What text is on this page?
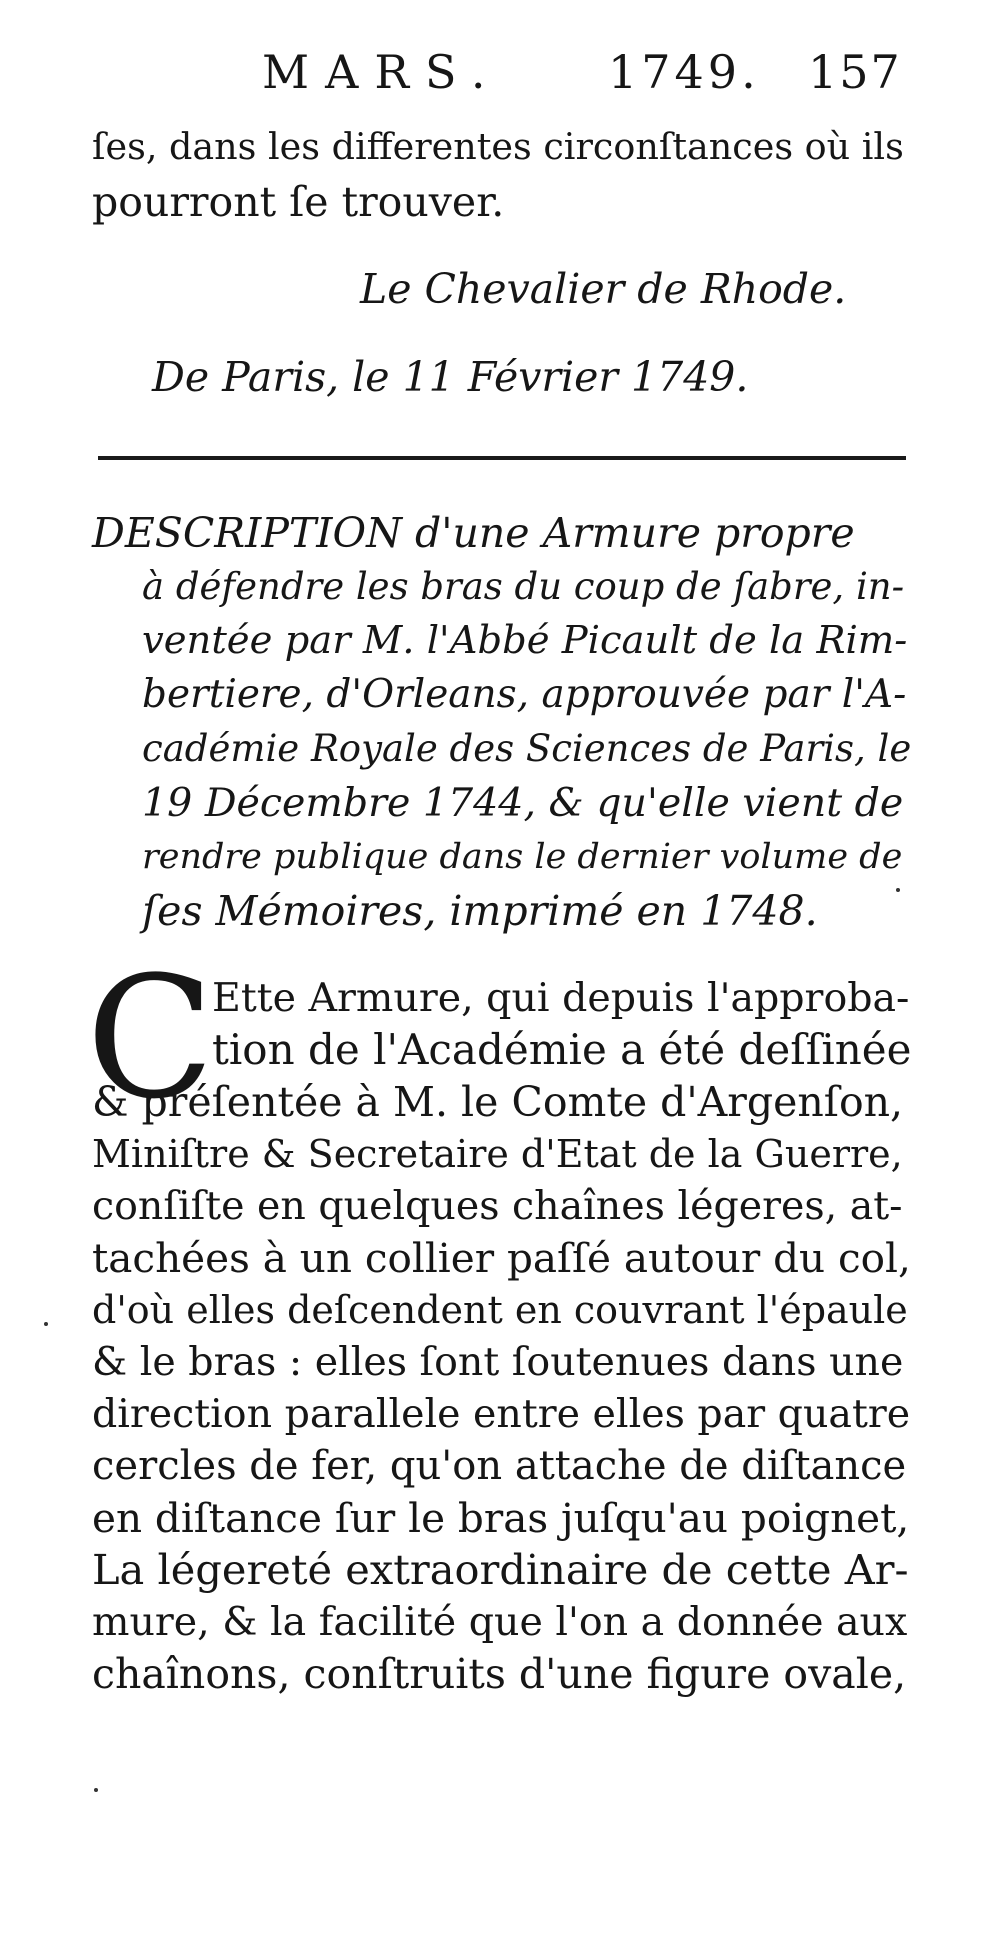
MARS. 1749. 157
ſes, dans les differentes circonſtances où ils
pourront ſe trouver.
Le Chevalier de Rhode.
De Paris, le 11 Février 1749.
DESCRIPTION d'une Armure propre
à défendre les bras du coup de ſabre, in-
ventée par M. l'Abbé Picault de la Rim-
bertiere, d'Orleans, approuvée par l'A-
cadémie Royale des Sciences de Paris, le
19 Décembre 1744, & qu'elle vient de
rendre publique dans le dernier volume de
ſes Mémoires, imprimé en 1748.
C
Ette Armure, qui depuis l'approba-
tion de l'Académie a été deſſinée
& préſentée à M. le Comte d'Argenſon,
Miniſtre & Secretaire d'Etat de la Guerre,
conſiſte en quelques chaînes légeres, at-
tachées à un collier paſſé autour du col,
d'où elles deſcendent en couvrant l'épaule
& le bras : elles ſont ſoutenues dans une
direction parallele entre elles par quatre
cercles de fer, qu'on attache de diſtance
en diſtance ſur le bras juſqu'au poignet,
La légereté extraordinaire de cette Ar-
mure, & la facilité que l'on a donnée aux
chaînons, conſtruits d'une figure ovale,
